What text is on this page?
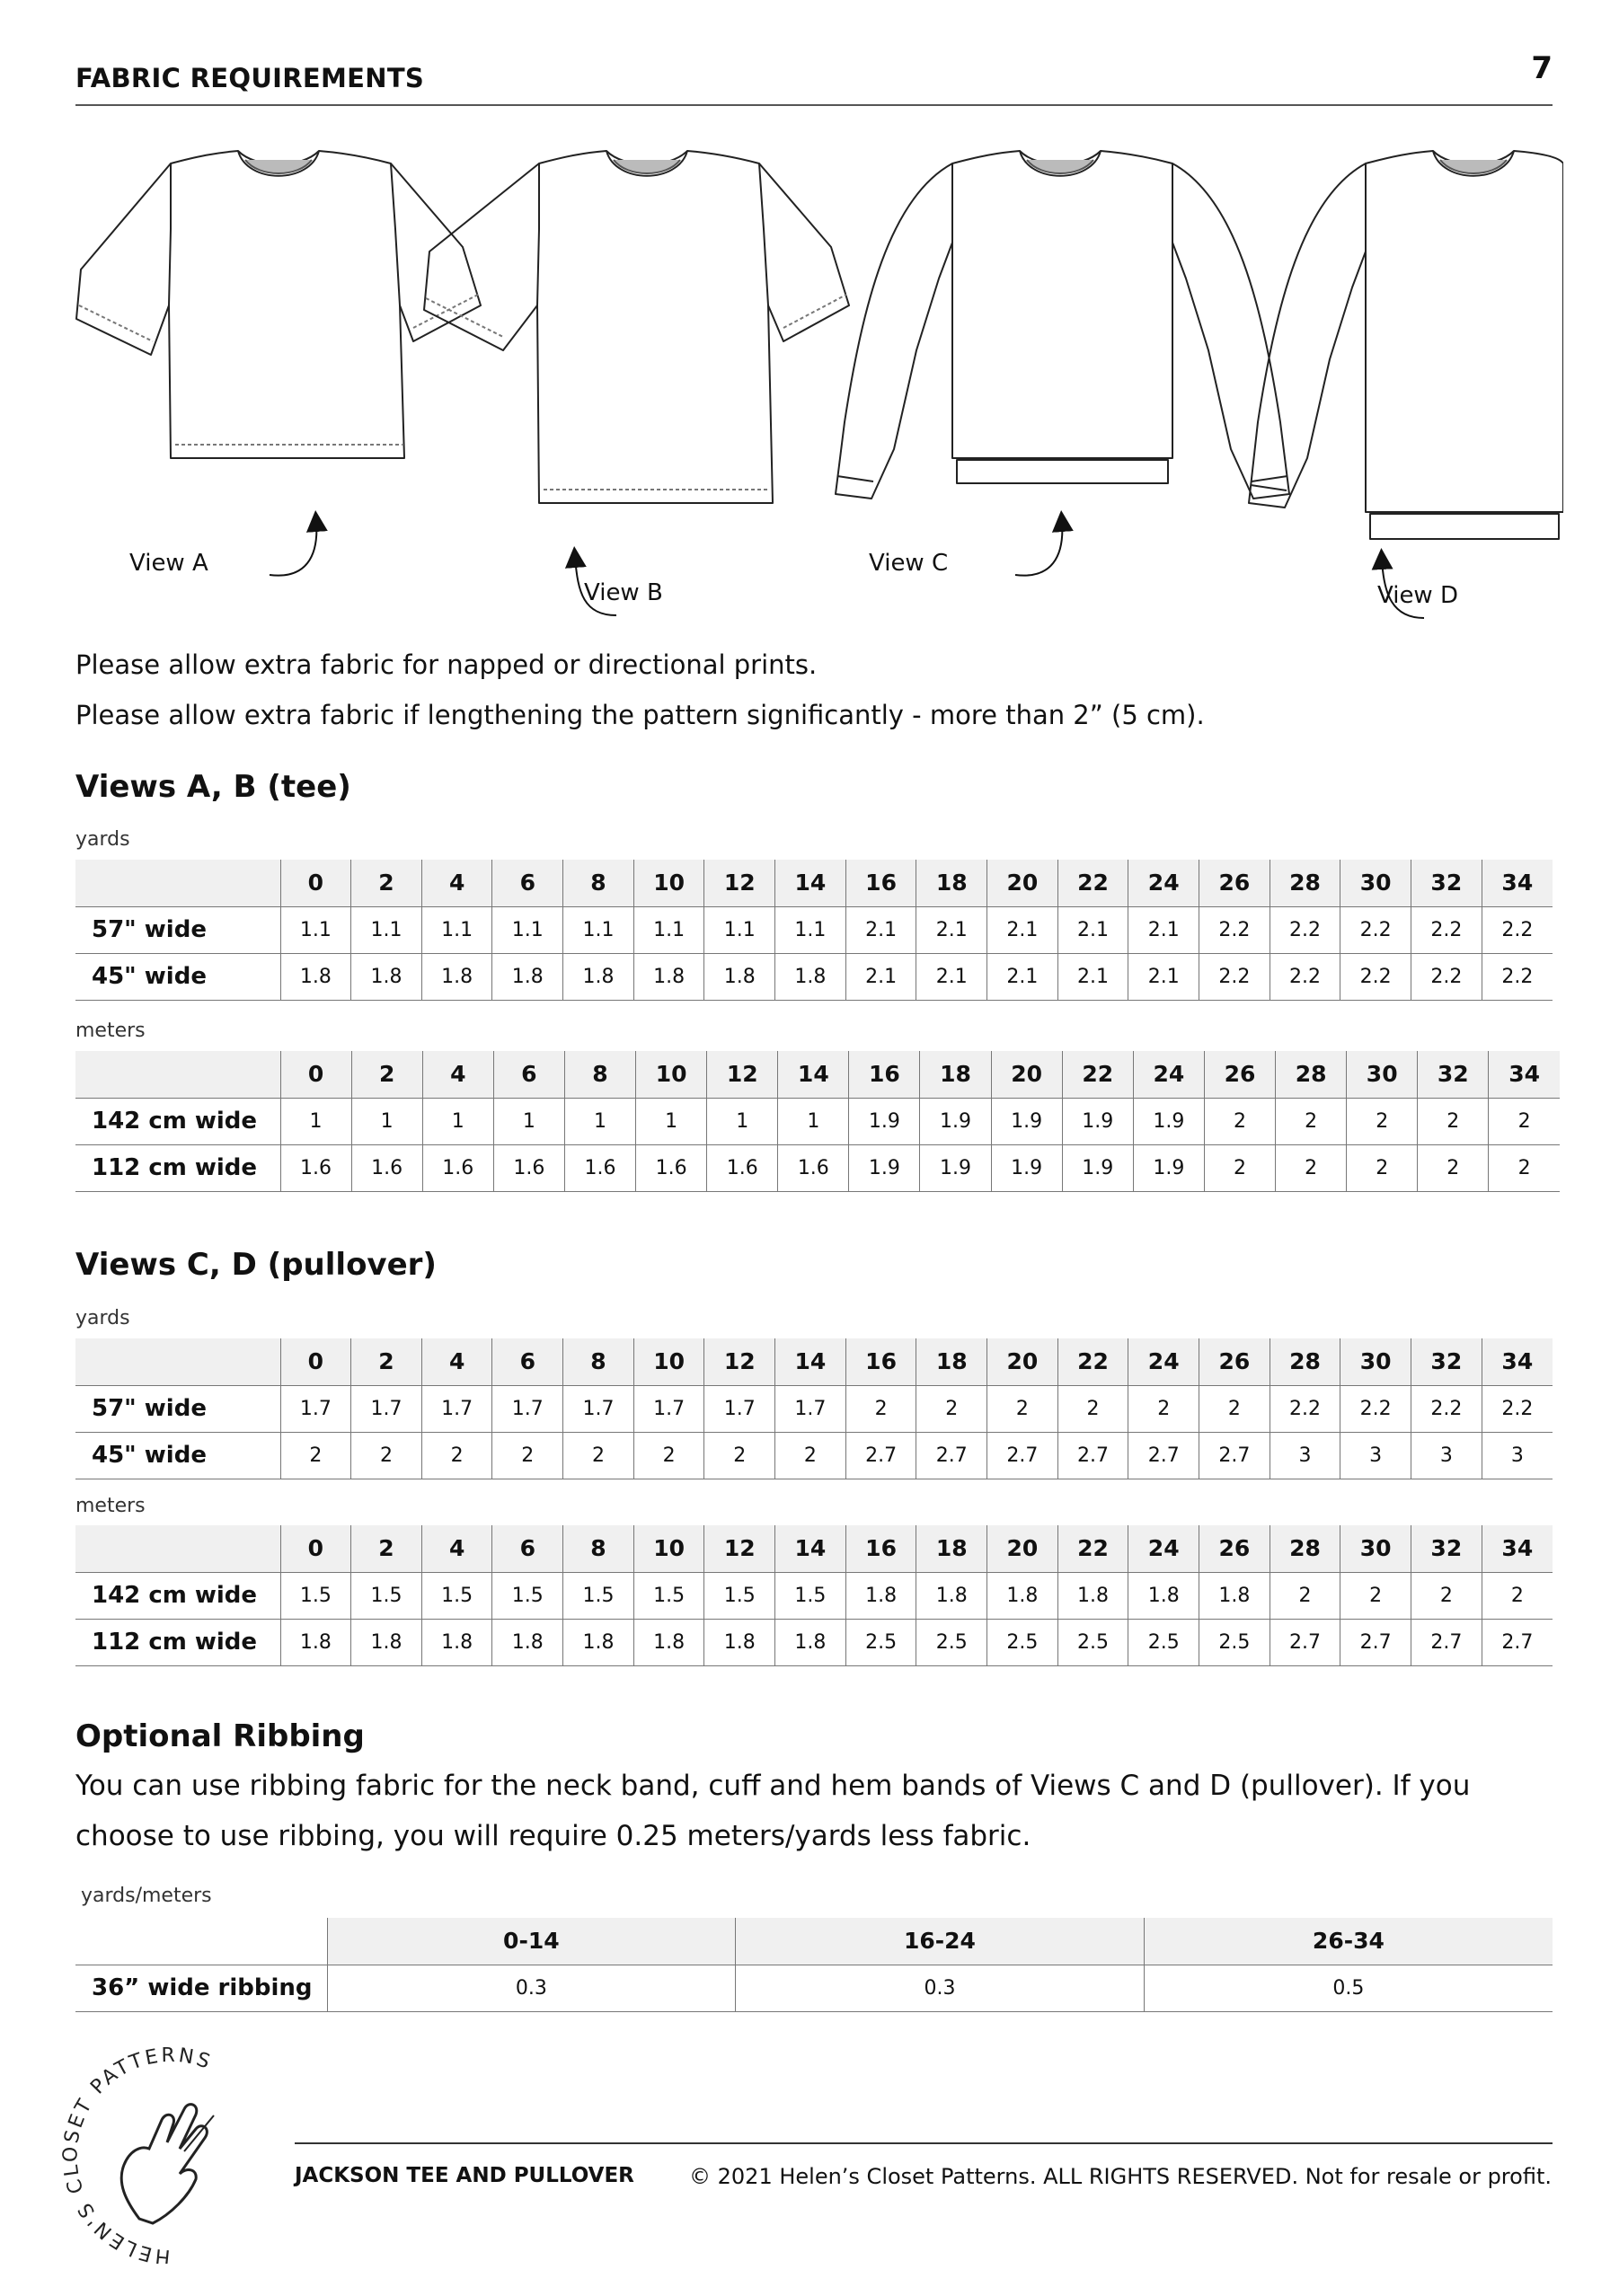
FABRIC REQUIREMENTS	7
View A
View B
View C
View D
Please allow extra fabric for napped or directional prints.
Please allow extra fabric if lengthening the pattern significantly - more than 2” (5 cm).
Views A, B (tee)
yards
	0	2	4	6	8	10	12	14	16	18	20	22	24	26	28	30	32	34
57" wide	1.1	1.1	1.1	1.1	1.1	1.1	1.1	1.1	2.1	2.1	2.1	2.1	2.1	2.2	2.2	2.2	2.2	2.2
45" wide	1.8	1.8	1.8	1.8	1.8	1.8	1.8	1.8	2.1	2.1	2.1	2.1	2.1	2.2	2.2	2.2	2.2	2.2
meters
	0	2	4	6	8	10	12	14	16	18	20	22	24	26	28	30	32	34
142 cm wide	1	1	1	1	1	1	1	1	1.9	1.9	1.9	1.9	1.9	2	2	2	2	2
112 cm wide	1.6	1.6	1.6	1.6	1.6	1.6	1.6	1.6	1.9	1.9	1.9	1.9	1.9	2	2	2	2	2
Views C, D (pullover)
yards
	0	2	4	6	8	10	12	14	16	18	20	22	24	26	28	30	32	34
57" wide	1.7	1.7	1.7	1.7	1.7	1.7	1.7	1.7	2	2	2	2	2	2	2.2	2.2	2.2	2.2
45" wide	2	2	2	2	2	2	2	2	2.7	2.7	2.7	2.7	2.7	2.7	3	3	3	3
meters
	0	2	4	6	8	10	12	14	16	18	20	22	24	26	28	30	32	34
142 cm wide	1.5	1.5	1.5	1.5	1.5	1.5	1.5	1.5	1.8	1.8	1.8	1.8	1.8	1.8	2	2	2	2
112 cm wide	1.8	1.8	1.8	1.8	1.8	1.8	1.8	1.8	2.5	2.5	2.5	2.5	2.5	2.5	2.7	2.7	2.7	2.7
Optional Ribbing
You can use ribbing fabric for the neck band, cuff and hem bands of Views C and D (pullover). If you choose to use ribbing, you will require 0.25 meters/yards less fabric.
yards/meters
	0-14	16-24	26-34
36” wide ribbing	0.3	0.3	0.5
HELEN'S CLOSET PATTERNS
JACKSON TEE AND PULLOVER	© 2021 Helen’s Closet Patterns. ALL RIGHTS RESERVED. Not for resale or profit.
